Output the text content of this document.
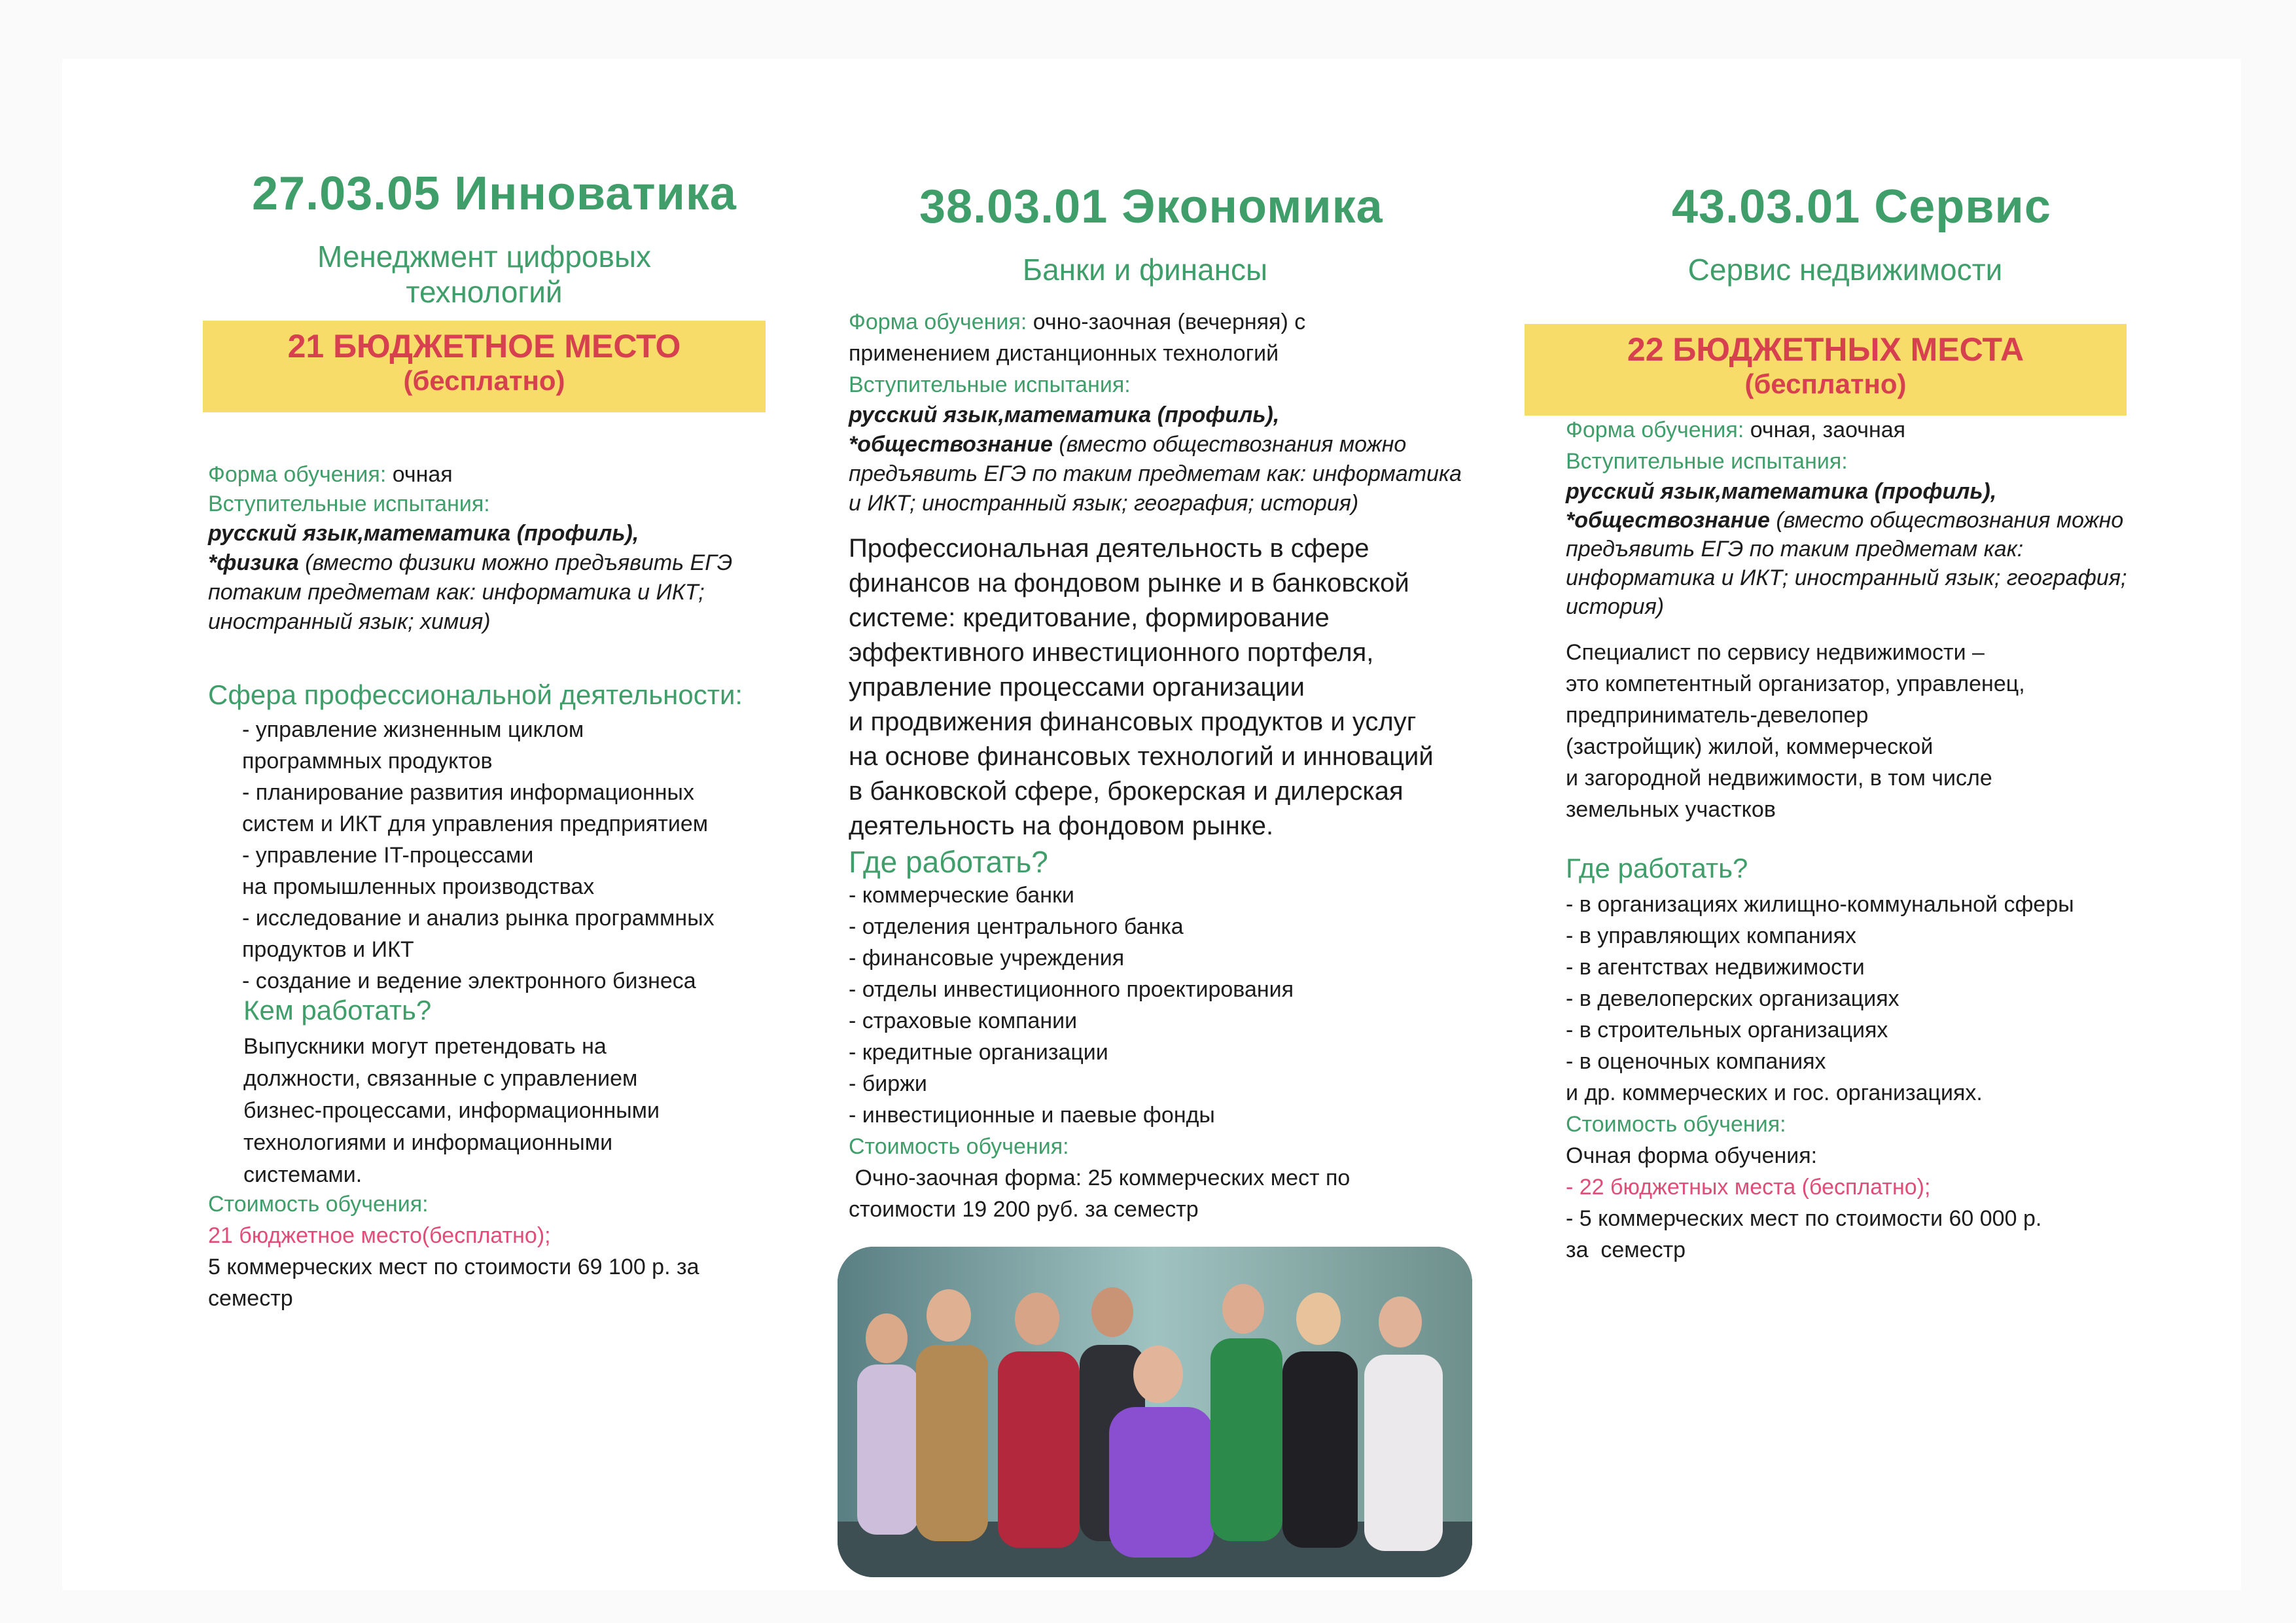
27.03.05 Инноватика
Менеджмент цифровых
технологий
21 БЮДЖЕТНОЕ МЕСТО
(бесплатно)
Форма обучения: очная
Вступительные испытания:
русский язык,математика (профиль),
*физика (вместо физики можно предъявить ЕГЭ
потаким предметам как: информатика и ИКТ;
иностранный язык; химия)
Сфера профессиональной деятельности:
- управление жизненным циклом
программных продуктов
- планирование развития информационных
систем и ИКТ для управления предприятием
- управление IT-процессами
на промышленных производствах
- исследование и анализ рынка программных
продуктов и ИКТ
- создание и ведение электронного бизнеса
Кем работать?
Выпускники могут претендовать на
должности, связанные с управлением
бизнес-процессами, информационными
технологиями и информационными
системами.
Стоимость обучения:
21 бюджетное место(бесплатно);
5 коммерческих мест по стоимости 69 100 р. за
семестр
38.03.01 Экономика
Банки и финансы
Форма обучения: очно-заочная (вечерняя) с
применением дистанционных технологий
Вступительные испытания:
русский язык,математика (профиль),
*обществознание (вместо обществознания можно
предъявить ЕГЭ по таким предметам как: информатика
и ИКТ; иностранный язык; география; история)
Профессиональная деятельность в сфере
финансов на фондовом рынке и в банковской
системе: кредитование, формирование
эффективного инвестиционного портфеля,
управление процессами организации
и продвижения финансовых продуктов и услуг
на основе финансовых технологий и инноваций
в банковской сфере, брокерская и дилерская
деятельность на фондовом рынке.
Где работать?
- коммерческие банки
- отделения центрального банка
- финансовые учреждения
- отделы инвестиционного проектирования
- страховые компании
- кредитные организации
- биржи
- инвестиционные и паевые фонды
Стоимость обучения:
Очно-заочная форма: 25 коммерческих мест по
стоимости 19 200 руб. за семестр
43.03.01 Сервис
Сервис недвижимости
22 БЮДЖЕТНЫХ МЕСТА
(бесплатно)
Форма обучения: очная, заочная
Вступительные испытания:
русский язык,математика (профиль),
*обществознание (вместо обществознания можно
предъявить ЕГЭ по таким предметам как:
информатика и ИКТ; иностранный язык; география;
история)
Специалист по сервису недвижимости –
это компетентный организатор, управленец,
предприниматель-девелопер
(застройщик) жилой, коммерческой
и загородной недвижимости, в том числе
земельных участков
Где работать?
- в организациях жилищно-коммунальной сферы
- в управляющих компаниях
- в агентствах недвижимости
- в девелоперских организациях
- в строительных организациях
- в оценочных компаниях
и др. коммерческих и гос. организациях.
Стоимость обучения:
Очная форма обучения:
- 22 бюджетных места (бесплатно);
- 5 коммерческих мест по стоимости 60 000 р.
за  семестр
